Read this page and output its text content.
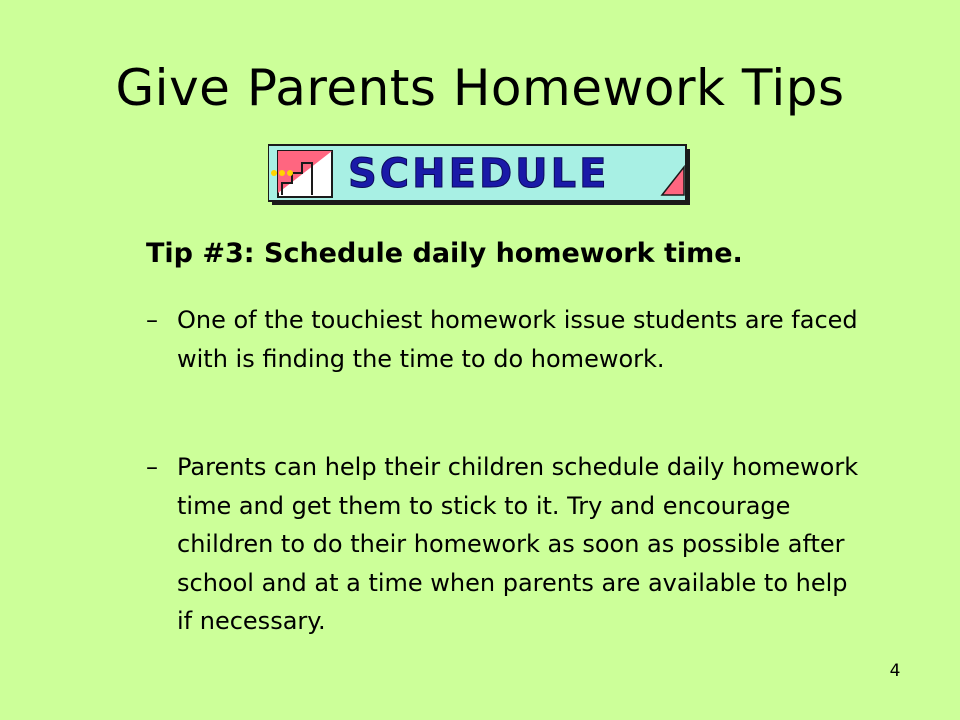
Give Parents Homework Tips
SCHEDULE
Tip #3: Schedule daily homework time.
– One of the touchiest homework issue students are faced with is finding the time to do homework.
– Parents can help their children schedule daily homework time and get them to stick to it. Try and encourage children to do their homework as soon as possible after school and at a time when parents are available to help if necessary.
4
